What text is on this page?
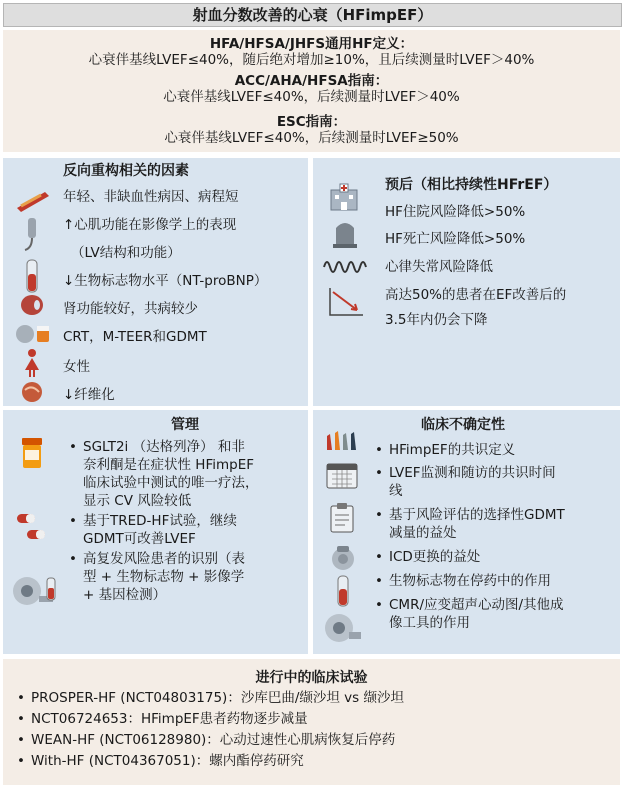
射血分数改善的心衰（HFimpEF）
HFA/HFSA/JHFS通用HF定义：
心衰伴基线LVEF≤40%，随后绝对增加≥10%，且后续测量时LVEF＞40%
ACC/AHA/HFSA指南：
心衰伴基线LVEF≤40%，后续测量时LVEF＞40%
ESC指南：
心衰伴基线LVEF≤40%，后续测量时LVEF≥50%
反向重构相关的因素
年轻、非缺血性病因、病程短
↑心肌功能在影像学上的表现
（LV结构和功能）
↓生物标志物水平（NT-proBNP）
肾功能较好，共病较少
CRT，M-TEER和GDMT
女性
↓纤维化
预后（相比持续性HFrEF）
HF住院风险降低>50%
HF死亡风险降低>50%
心律失常风险降低
高达50%的患者在EF改善后的
3.5年内仍会下降
管理
• SGLT2i （达格列净） 和非
奈利酮是在症状性 HFimpEF
临床试验中测试的唯一疗法，
显示 CV 风险较低
• 基于TRED-HF试验，继续
GDMT可改善LVEF
• 高复发风险患者的识别（表
型 + 生物标志物 + 影像学
+ 基因检测）
临床不确定性
• HFimpEF的共识定义
• LVEF监测和随访的共识时间
线
• 基于风险评估的选择性GDMT
减量的益处
• ICD更换的益处
• 生物标志物在停药中的作用
• CMR/应变超声心动图/其他成
像工具的作用
进行中的临床试验
• PROSPER-HF (NCT04803175)：沙库巴曲/缬沙坦 vs 缬沙坦
• NCT06724653：HFimpEF患者药物逐步减量
• WEAN-HF (NCT06128980)：心动过速性心肌病恢复后停药
• With-HF (NCT04367051)：螺内酯停药研究
